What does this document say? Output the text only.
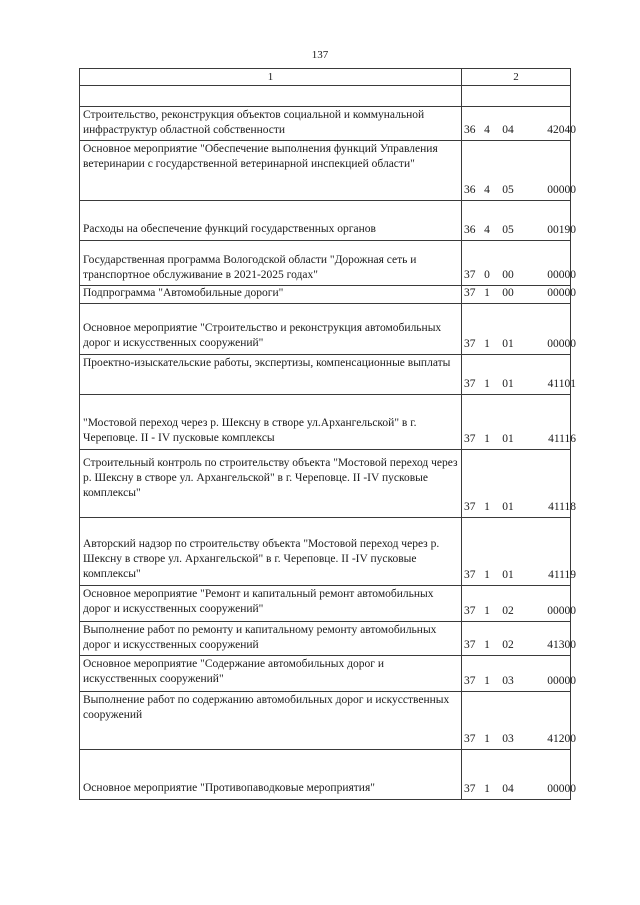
137
1	2

Строительство, реконструкция объектов социальной и коммунальной инфраструктур областной собственности	36 4 04 42040
Основное мероприятие "Обеспечение выполнения функций Управления ветеринарии с государственной ветеринарной инспекцией области"	36 4 05 00000
Расходы на обеспечение функций государственных органов	36 4 05 00190
Государственная программа Вологодской области "Дорожная сеть и транспортное обслуживание в 2021-2025 годах"	37 0 00 00000
Подпрограмма "Автомобильные дороги"	37 1 00 00000
Основное мероприятие "Строительство и реконструкция автомобильных дорог и искусственных сооружений"	37 1 01 00000
Проектно-изыскательские работы, экспертизы, компенсационные выплаты	37 1 01 41101
"Мостовой переход через р. Шексну в створе ул.Архангельской" в г. Череповце. II - IV пусковые комплексы	37 1 01 41116
Строительный контроль по строительству объекта "Мостовой переход через р. Шексну в створе ул. Архангельской" в г. Череповце. II -IV пусковые комплексы"	37 1 01 41118
Авторский надзор по строительству объекта "Мостовой переход через р. Шексну в створе ул. Архангельской" в г. Череповце. II -IV пусковые комплексы"	37 1 01 41119
Основное мероприятие "Ремонт и капитальный ремонт автомобильных дорог и искусственных сооружений"	37 1 02 00000
Выполнение работ по ремонту и капитальному ремонту автомобильных дорог и искусственных сооружений	37 1 02 41300
Основное мероприятие "Содержание автомобильных дорог и искусственных сооружений"	37 1 03 00000
Выполнение работ по содержанию автомобильных дорог и искусственных сооружений	37 1 03 41200
Основное мероприятие "Противопаводковые мероприятия"	37 1 04 00000
